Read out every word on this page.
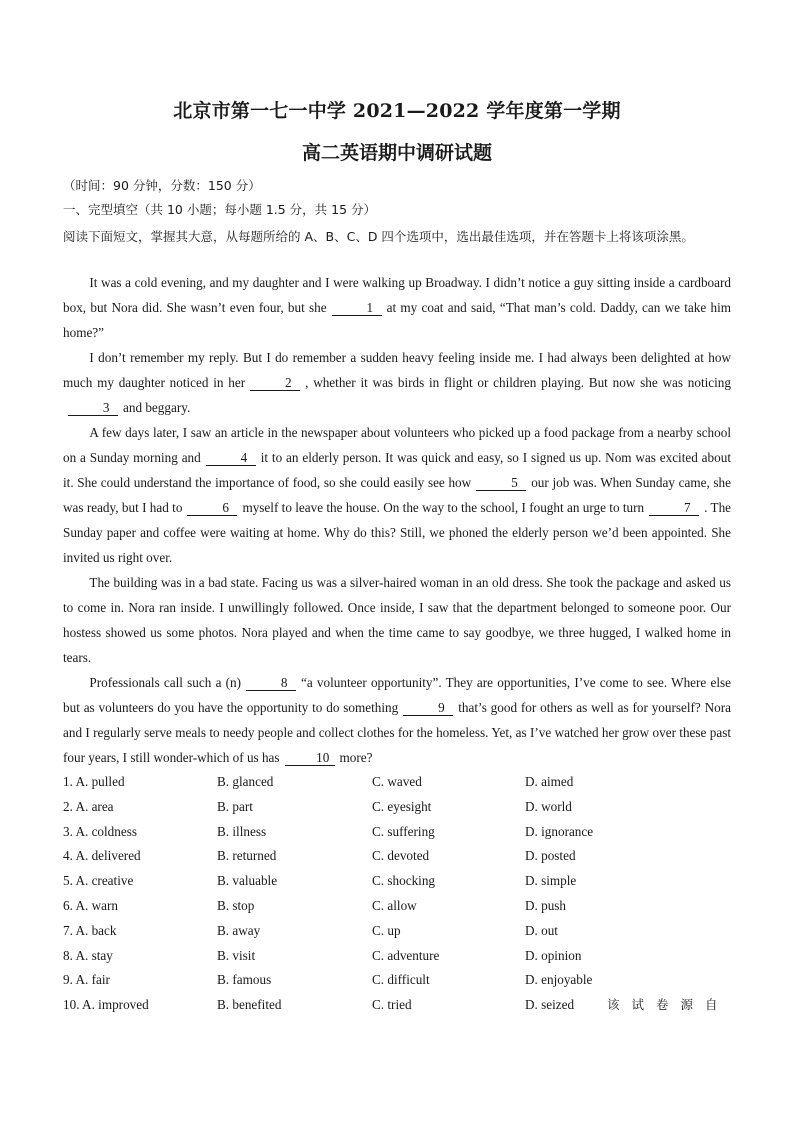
北京市第一七一中学 2021—2022 学年度第一学期
高二英语期中调研试题
（时间：90 分钟，分数：150 分）
一、完型填空（共 10 小题；每小题 1.5 分，共 15 分）
阅读下面短文，掌握其大意，从每题所给的 A、B、C、D 四个选项中，选出最佳选项，并在答题卡上将该项涂黑。

It was a cold evening, and my daughter and I were walking up Broadway. I didn’t notice a guy sitting inside a cardboard box, but Nora did. She wasn’t even four, but she	1 at my coat and said, “That man’s cold. Daddy, can we take him home?”

I don’t remember my reply. But I do remember a sudden heavy feeling inside me. I had always been delighted at how much my daughter noticed in her	2 , whether it was birds in flight or children playing. But now she was noticing3 and beggary.

A few days later, I saw an article in the newspaper about volunteers who picked up a food package from a nearby school on a Sunday morning and	4 it to an elderly person. It was quick and easy, so I signed us up. Nom was excited about it. She could understand the importance of food, so she could easily see how	5 our job was. When Sunday came, she was ready, but I had to	6 myself to leave the house. On the way to the school, I fought an urge to turn	7 . The Sunday paper and coffee were waiting at home. Why do this? Still, we phoned the elderly person we’d been appointed. She invited us right over.

The building was in a bad state. Facing us was a silver-haired woman in an old dress. She took the package and asked us to come in. Nora ran inside. I unwillingly followed. Once inside, I saw that the department belonged to someone poor. Our hostess showed us some photos. Nora played and when the time came to say goodbye, we three hugged, I walked home in tears.

Professionals call such a (n)	8 “a volunteer opportunity”. They are opportunities, I’ve come to see. Where else but as volunteers do you have the opportunity to do something	9 that’s good for others as well as for yourself? Nora and I regularly serve meals to needy people and collect clothes for the homeless. Yet, as I’ve watched her grow over these past four years, I still wonder-which of us has	10 more?

1. A. pulled	B. glanced	C. waved	D. aimed
2. A. area	B. part	C. eyesight	D. world
3. A. coldness	B. illness	C. suffering	D. ignorance
4. A. delivered	B. returned	C. devoted	D. posted
5. A. creative	B. valuable	C. shocking	D. simple
6. A. warn	B. stop	C. allow	D. push
7. A. back	B. away	C. up	D. out
8. A. stay	B. visit	C. adventure	D. opinion
9. A. fair	B. famous	C. difficult	D. enjoyable
10. A. improved	B. benefited	C. tried	D. seized	该试卷源自
